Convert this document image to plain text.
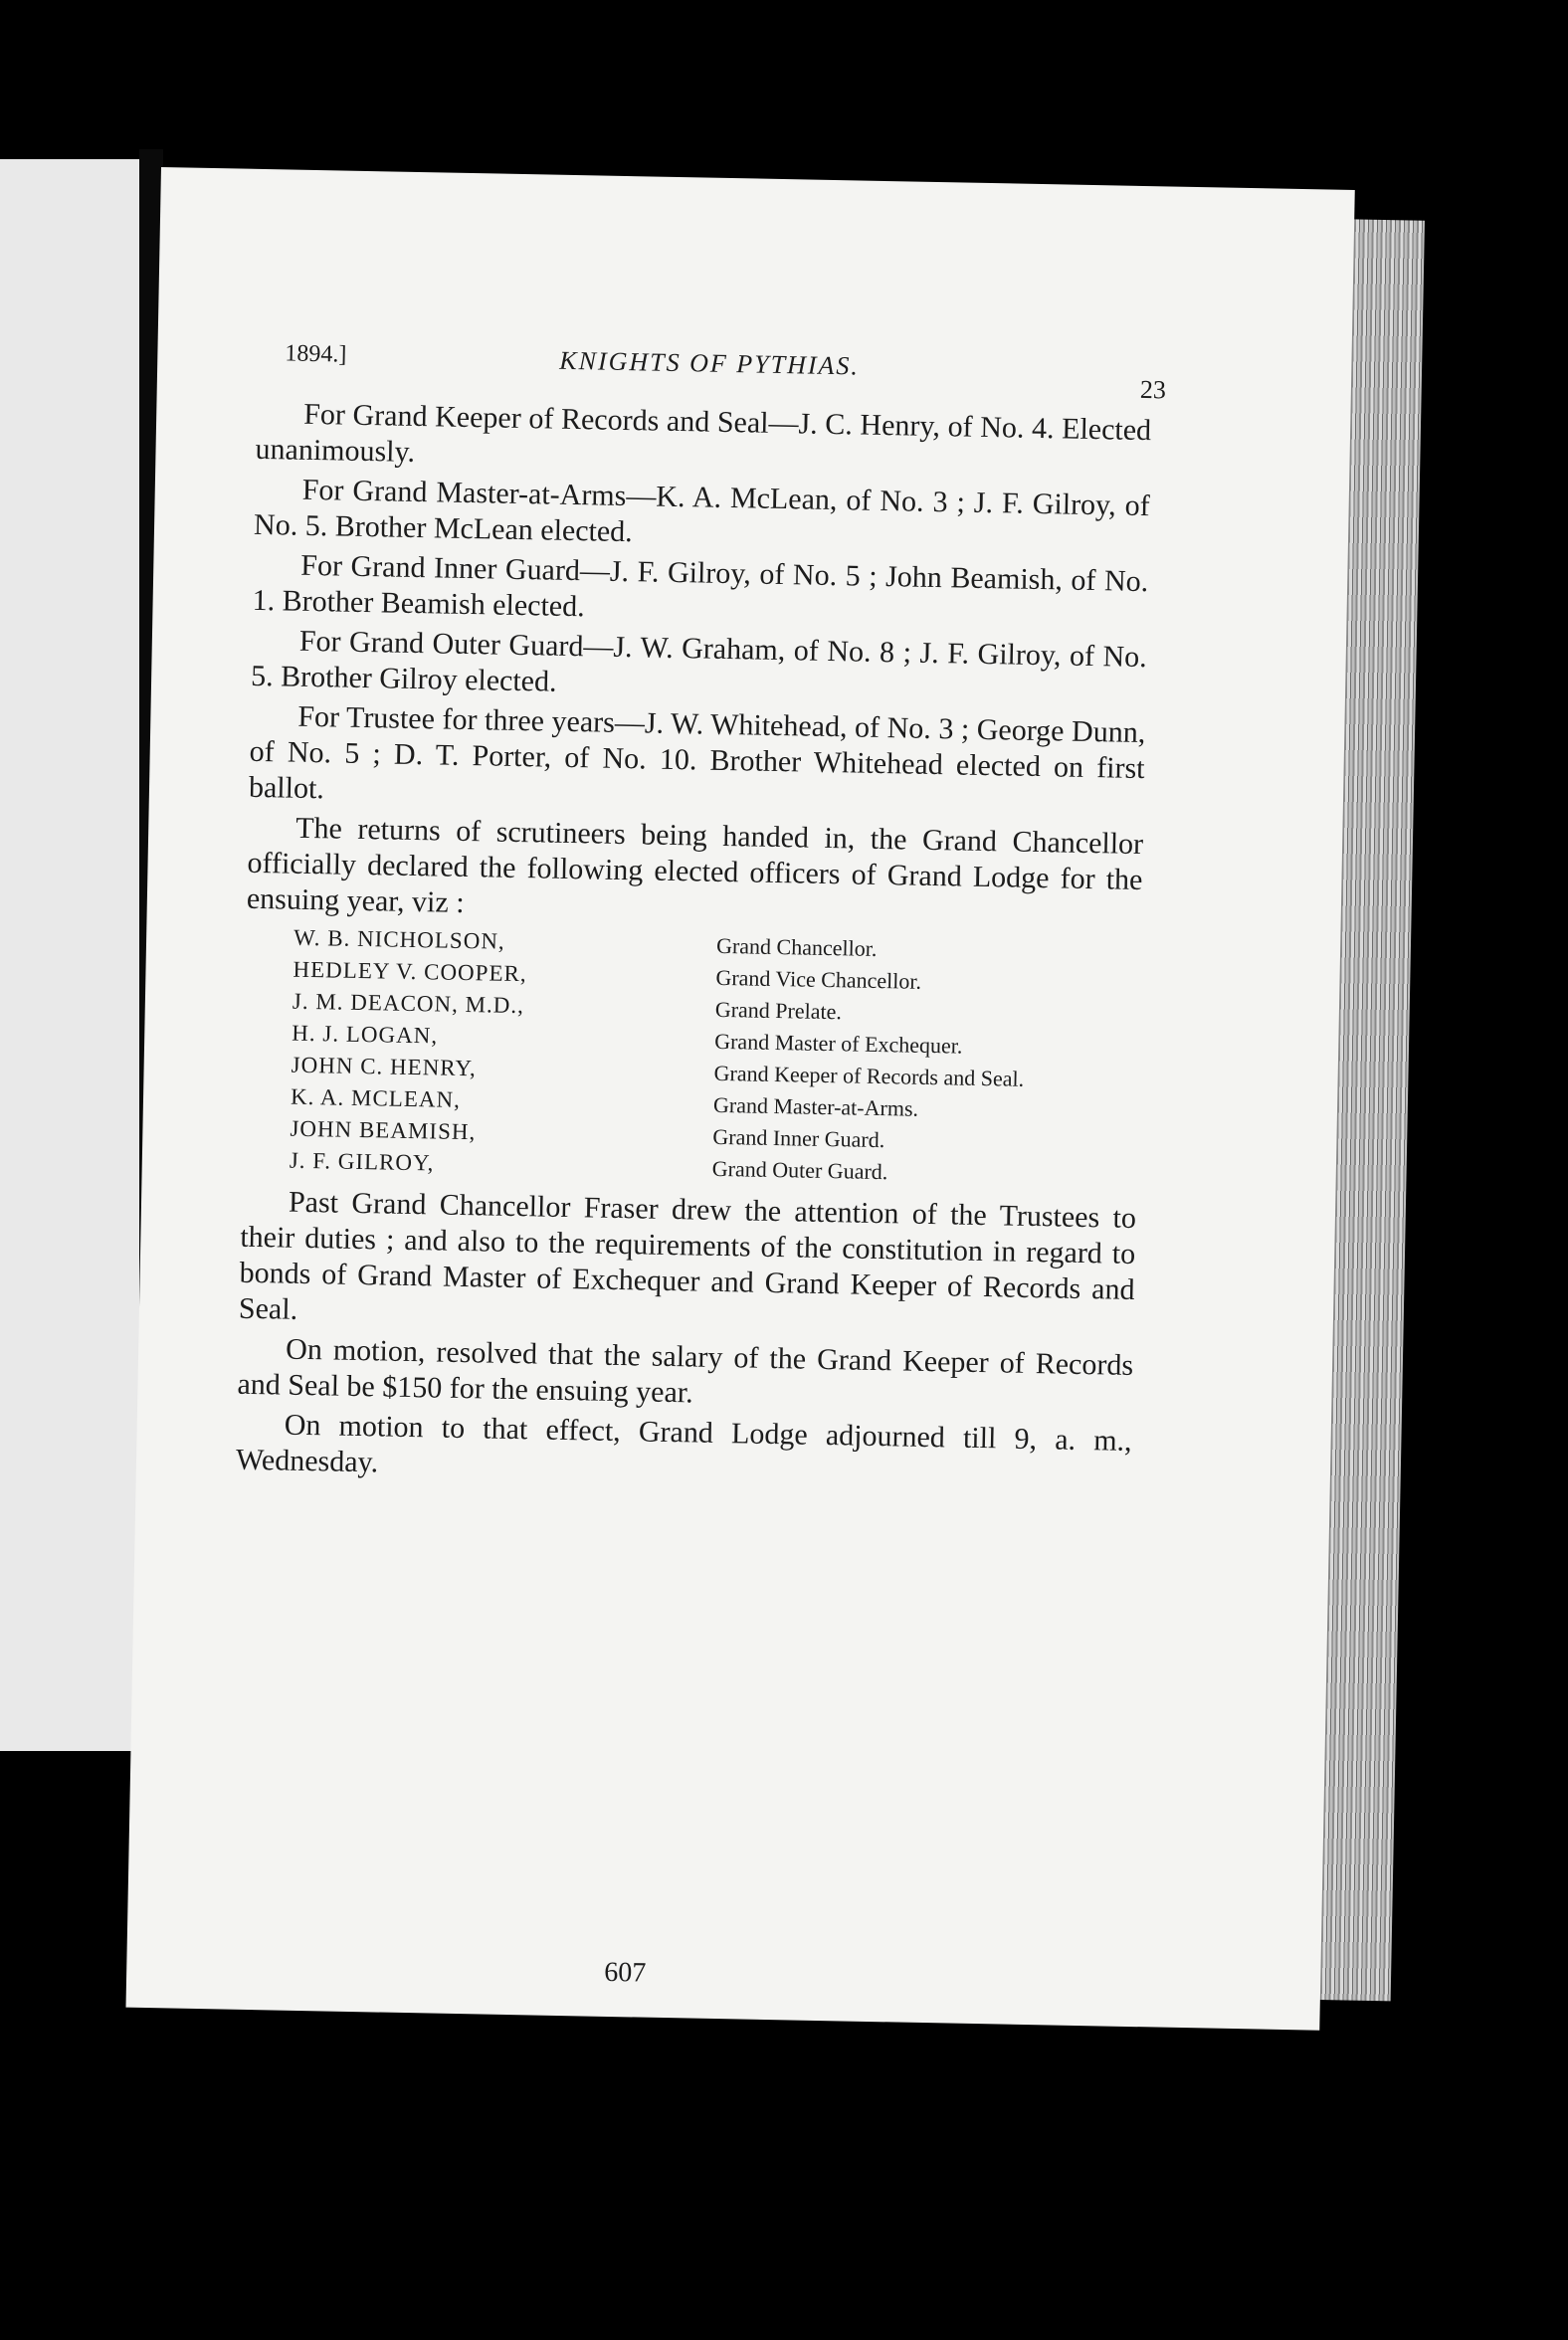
1894.]	KNIGHTS OF PYTHIAS.
23

For Grand Keeper of Records and Seal—J. C. Henry, of No. 4. Elected unanimously.

For Grand Master-at-Arms—K. A. McLean, of No. 3 ; J. F. Gilroy, of No. 5. Brother McLean elected.

For Grand Inner Guard—J. F. Gilroy, of No. 5 ; John Beamish, of No. 1. Brother Beamish elected.

For Grand Outer Guard—J. W. Graham, of No. 8 ; J. F. Gilroy, of No. 5. Brother Gilroy elected.

For Trustee for three years—J. W. Whitehead, of No. 3 ; George Dunn, of No. 5 ; D. T. Porter, of No. 10. Brother Whitehead elected on first ballot.

The returns of scrutineers being handed in, the Grand Chancellor officially declared the following elected officers of Grand Lodge for the ensuing year, viz :

W. B. NICHOLSON,	Grand Chancellor.
HEDLEY V. COOPER,	Grand Vice Chancellor.
J. M. DEACON, M.D.,	Grand Prelate.
H. J. LOGAN,	Grand Master of Exchequer.
JOHN C. HENRY,	Grand Keeper of Records and Seal.
K. A. MCLEAN,	Grand Master-at-Arms.
JOHN BEAMISH,	Grand Inner Guard.
J. F. GILROY,	Grand Outer Guard.

Past Grand Chancellor Fraser drew the attention of the Trustees to their duties ; and also to the requirements of the constitution in regard to bonds of Grand Master of Exchequer and Grand Keeper of Records and Seal.

On motion, resolved that the salary of the Grand Keeper of Records and Seal be $150 for the ensuing year.

On motion to that effect, Grand Lodge adjourned till 9, a. m., Wednesday.

607
